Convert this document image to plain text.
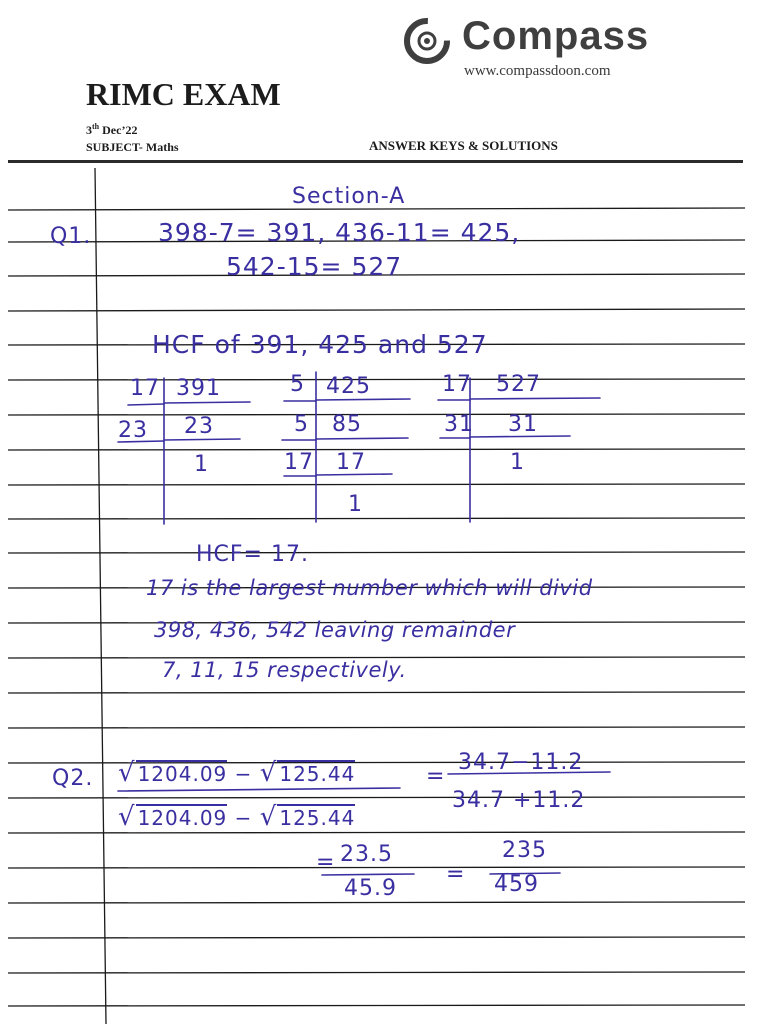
Compass
www.compassdoon.com
RIMC EXAM
3th Dec’22
SUBJECT- Maths	ANSWER KEYS & SOLUTIONS
Section-A
Q1.	398-7= 391, 436-11= 425,
542-15= 527
HCF of 391, 425 and 527
17 391
23 23
1
5 425
5 85
17 17
1
17 527
31 31
1
HCF= 17.
17 is the largest number which will divid
398, 436, 542 leaving remainder
7, 11, 15 respectively.
Q2. √ 1204.09 − √ 125.44
√ 1204.09 − √ 125.44
=
34.7−11.2
34.7 +11.2
= 23.5
45.9
=
235
459
